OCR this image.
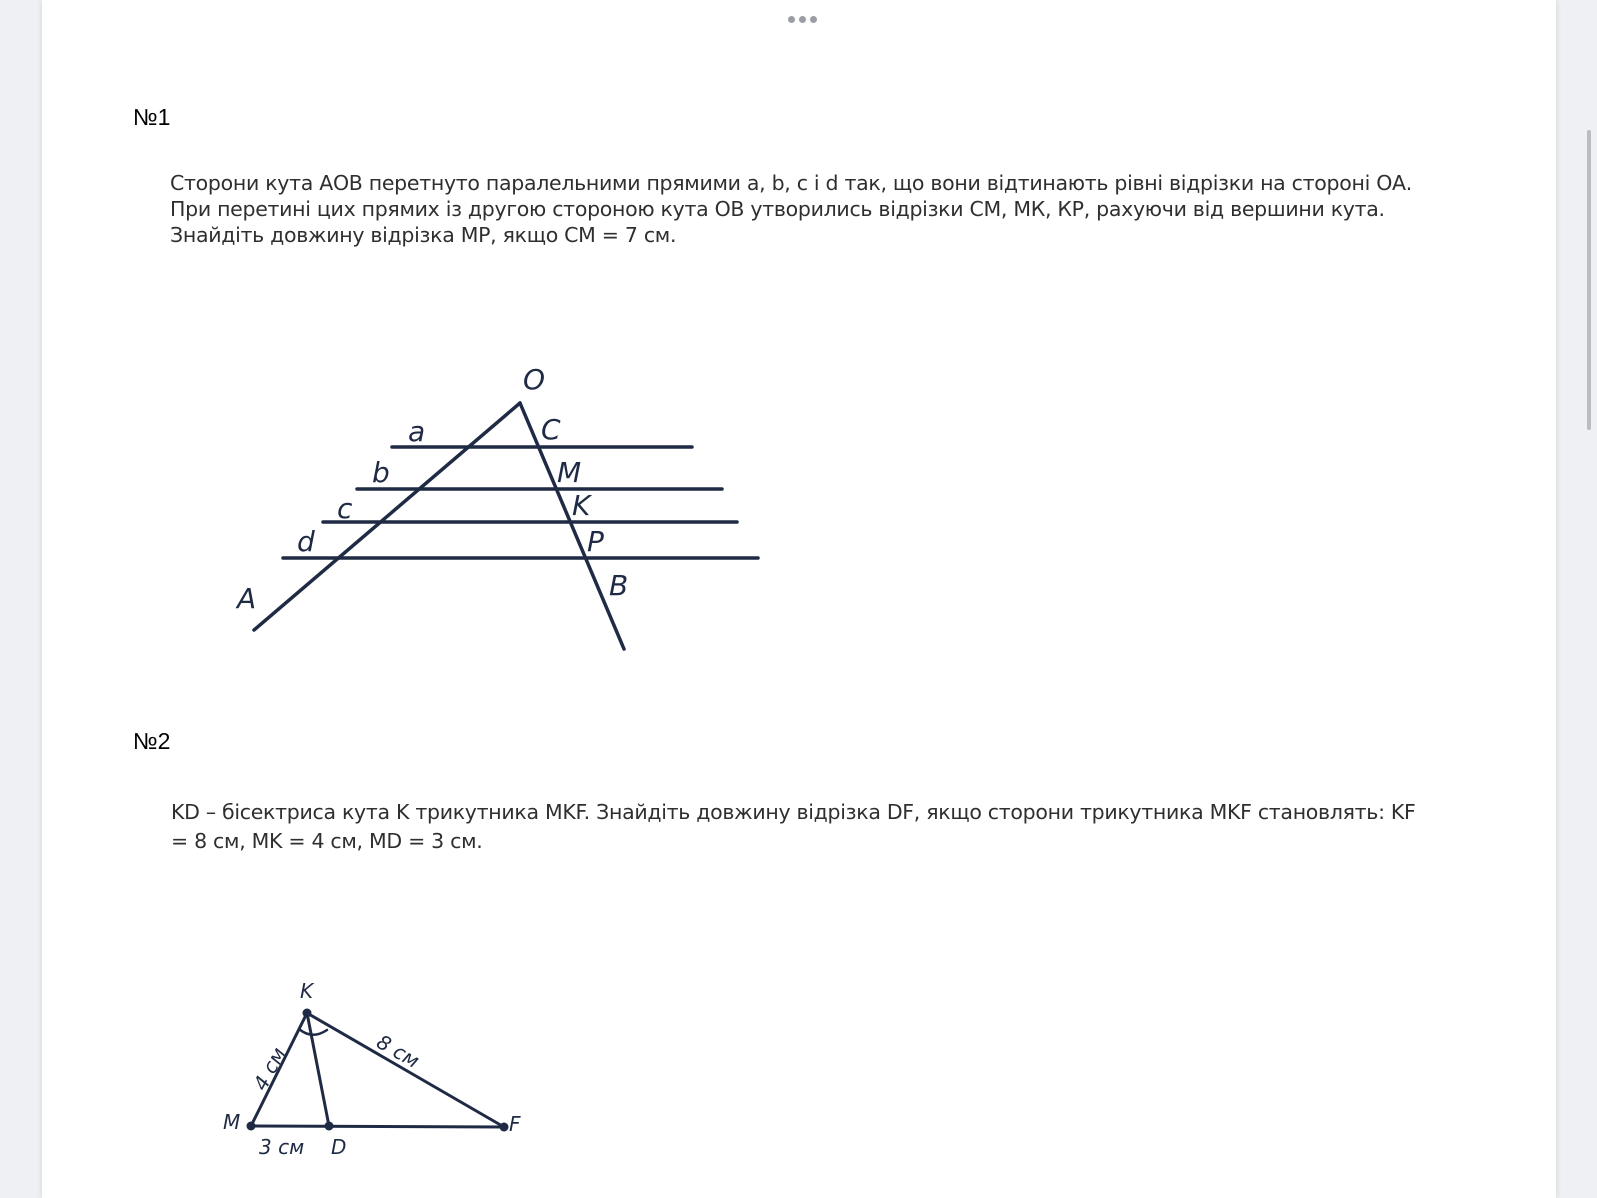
№1

Сторони кута АОВ перетнуто паралельними прямими a, b, c і d так, що вони відтинають рівні відрізки на стороні ОА.

При перетині цих прямих із другою стороною кута ОВ утворились відрізки СМ, МК, КР, рахуючи від вершини кута.

Знайдіть довжину відрізка МР, якщо СМ = 7 см.

O
C
M
K
P
B
A
a
b
c
d
№2

KD – бісектриса кута K трикутника MKF. Знайдіть довжину відрізка DF, якщо сторони трикутника MKF становлять: KF

= 8 см, MK = 4 см, MD = 3 см.

K
M
D
F
3 см
4 см	8 см
